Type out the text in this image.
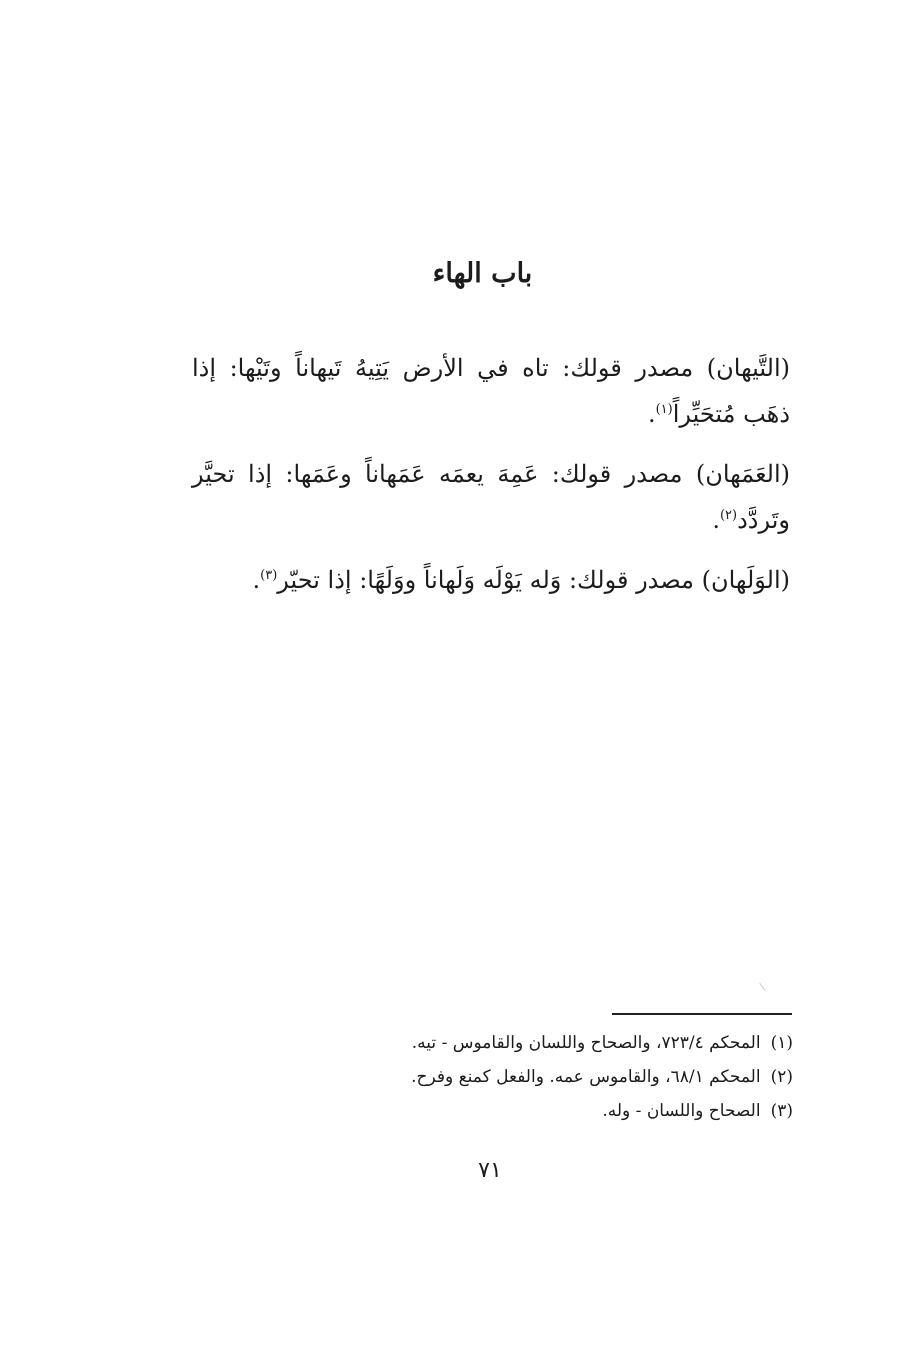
باب الهاء

(التَّيهان) مصدر قولك: تاه في الأرض يَتِيهُ تَيهاناً وتَيْها: إذا ذهَب مُتحَيِّراً$^{(١)}$.

(العَمَهان) مصدر قولك: عَمِهَ يعمَه عَمَهاناً وعَمَها: إذا تحيَّر وتَردَّد$^{(٢)}$.

(الوَلَهان) مصدر قولك: وَله يَوْلَه وَلَهاناً ووَلَهًا: إذا تحيّر$^{(٣)}$.

(١)المحكم ٧٢٣/٤، والصحاح واللسان والقاموس - تيه.

(٢)المحكم ٦٨/١، والقاموس عمه. والفعل كمنع وفرح.

(٣)الصحاح واللسان - وله.

٧١
